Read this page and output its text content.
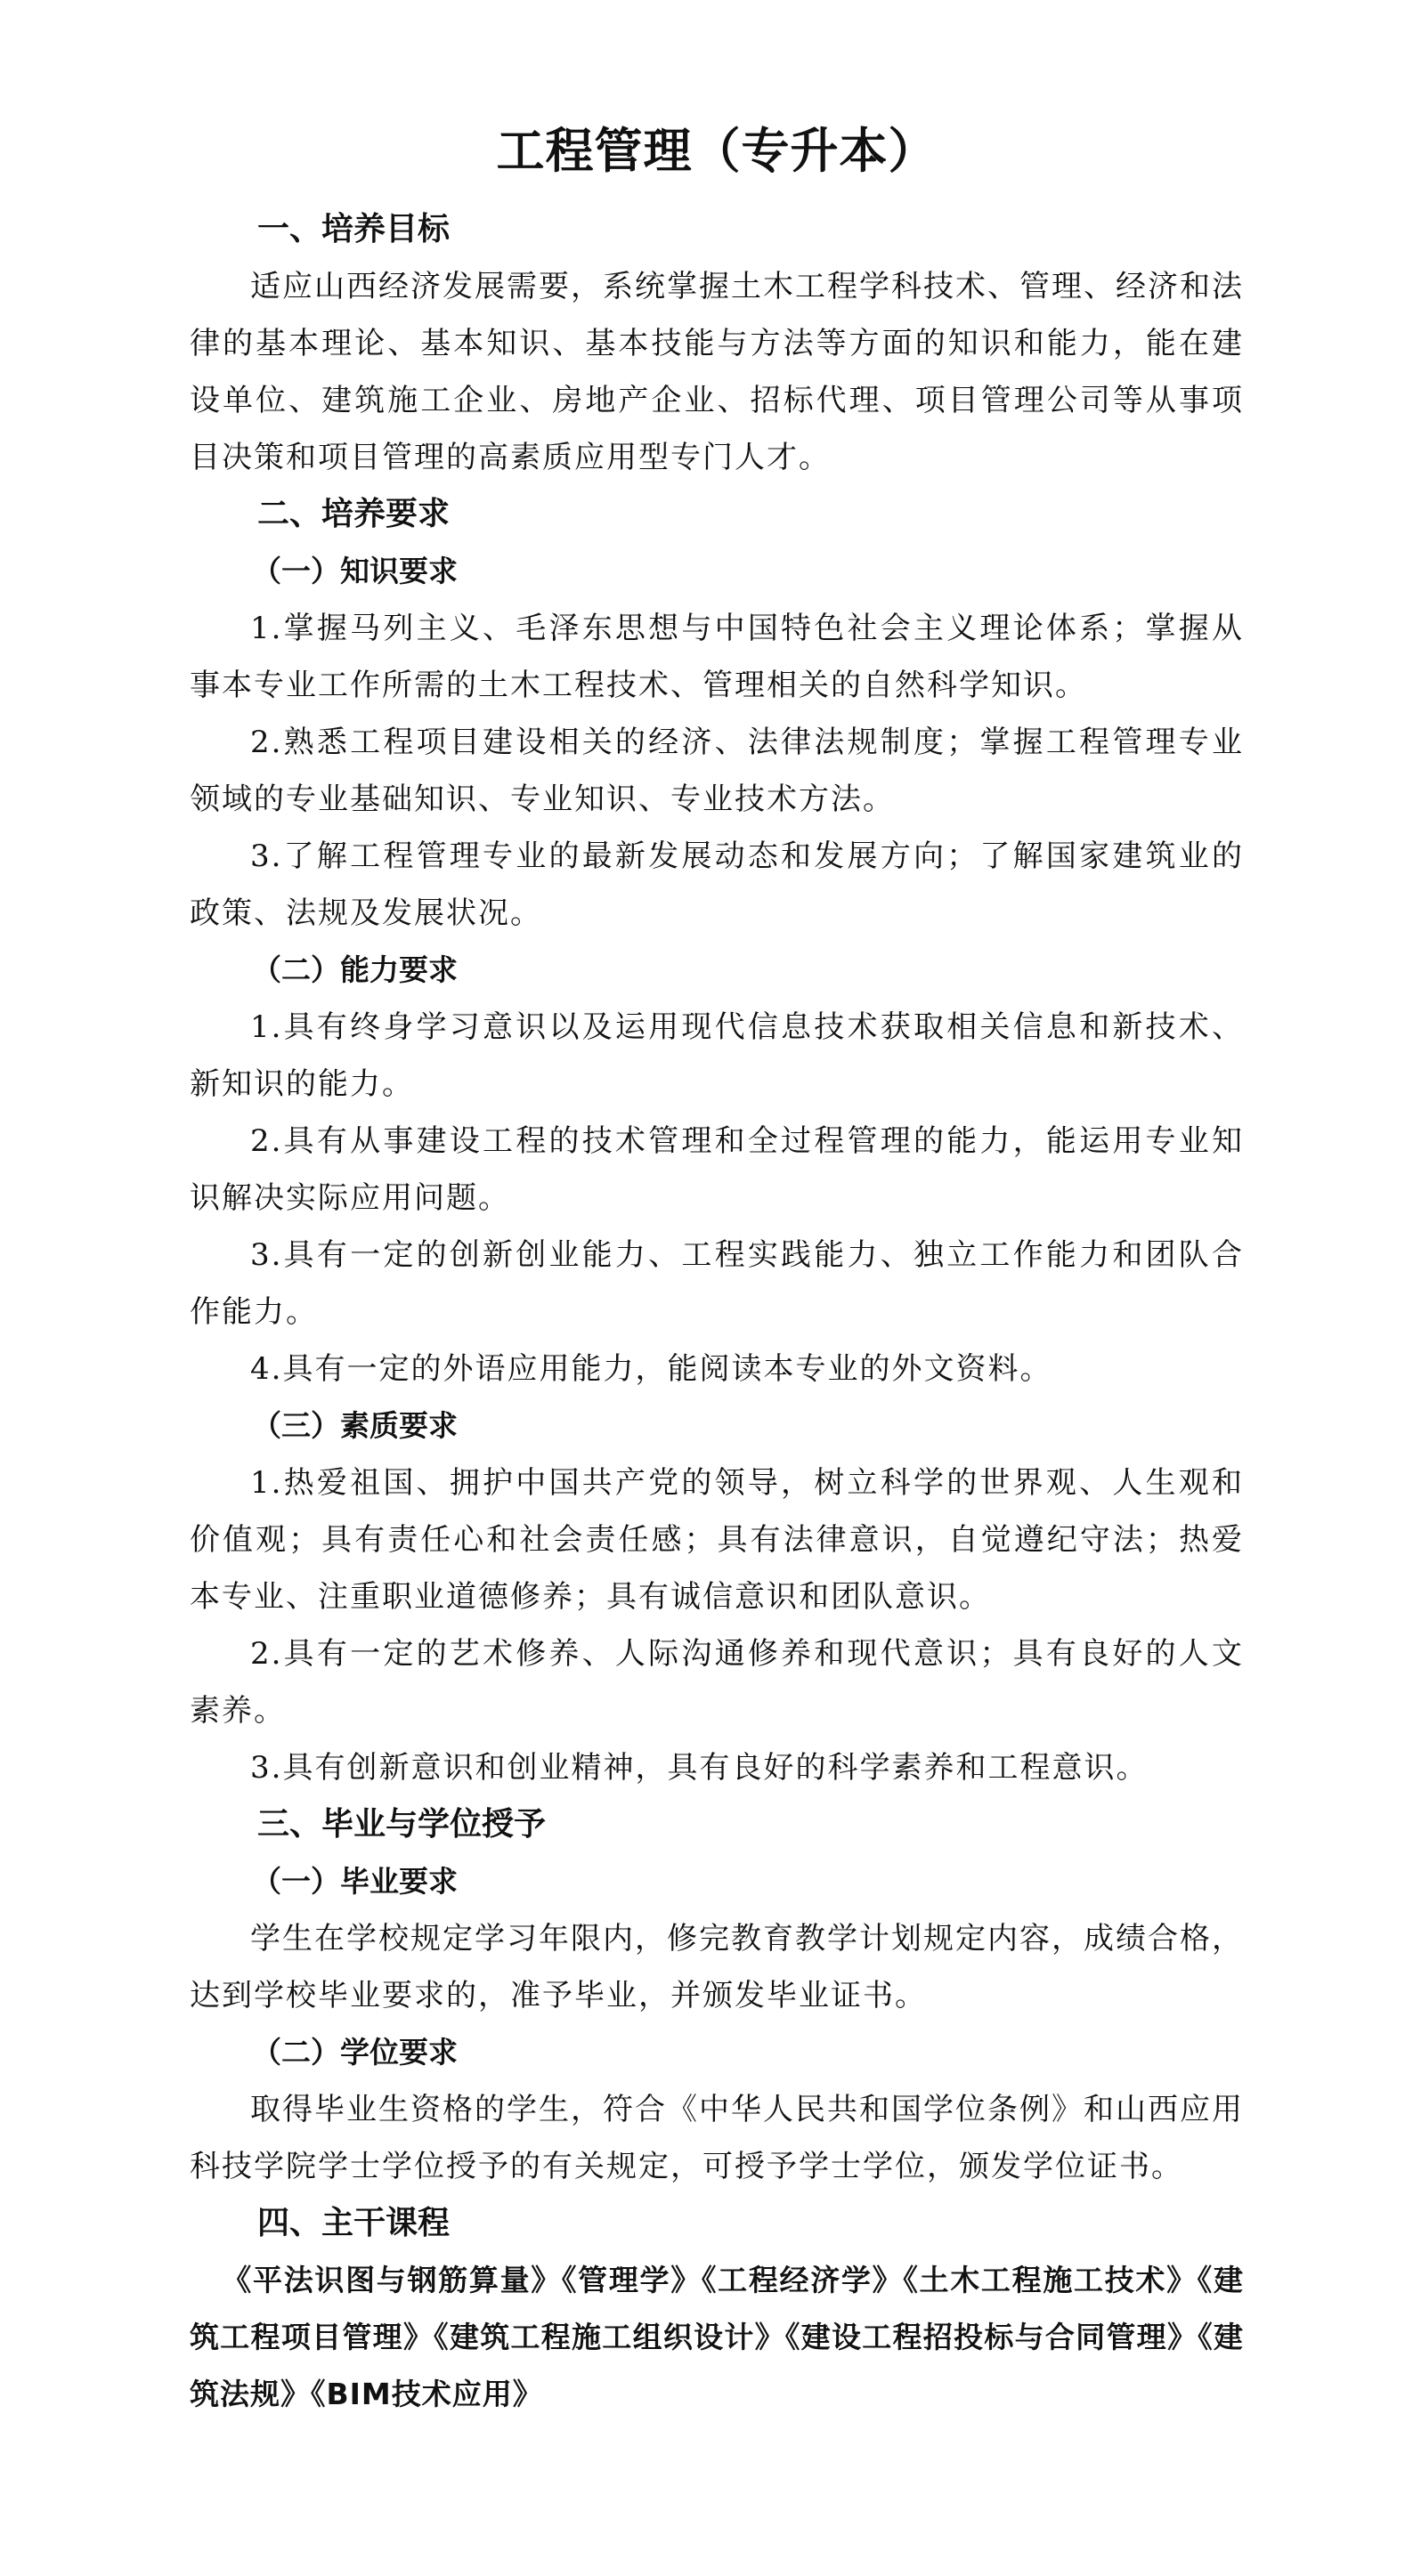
工程管理（专升本）
一、培养目标

适应山西经济发展需要，系统掌握土木工程学科技术、管理、经济和法律的基本理论、基本知识、基本技能与方法等方面的知识和能力，能在建设单位、建筑施工企业、房地产企业、招标代理、项目管理公司等从事项目决策和项目管理的高素质应用型专门人才。

二、培养要求
（一）知识要求

1.掌握马列主义、毛泽东思想与中国特色社会主义理论体系；掌握从事本专业工作所需的土木工程技术、管理相关的自然科学知识。

2.熟悉工程项目建设相关的经济、法律法规制度；掌握工程管理专业领域的专业基础知识、专业知识、专业技术方法。

3.了解工程管理专业的最新发展动态和发展方向；了解国家建筑业的政策、法规及发展状况。

（二）能力要求

1.具有终身学习意识以及运用现代信息技术获取相关信息和新技术、新知识的能力。

2.具有从事建设工程的技术管理和全过程管理的能力，能运用专业知识解决实际应用问题。

3.具有一定的创新创业能力、工程实践能力、独立工作能力和团队合作能力。

4.具有一定的外语应用能力，能阅读本专业的外文资料。

（三）素质要求

1.热爱祖国、拥护中国共产党的领导，树立科学的世界观、人生观和价值观；具有责任心和社会责任感；具有法律意识，自觉遵纪守法；热爱本专业、注重职业道德修养；具有诚信意识和团队意识。

2.具有一定的艺术修养、人际沟通修养和现代意识；具有良好的人文素养。

3.具有创新意识和创业精神，具有良好的科学素养和工程意识。

三、毕业与学位授予
（一）毕业要求

学生在学校规定学习年限内，修完教育教学计划规定内容，成绩合格，达到学校毕业要求的，准予毕业，并颁发毕业证书。

（二）学位要求

取得毕业生资格的学生，符合《中华人民共和国学位条例》和山西应用科技学院学士学位授予的有关规定，可授予学士学位，颁发学位证书。

四、主干课程

《平法识图与钢筋算量》《管理学》《工程经济学》《土木工程施工技术》《建筑工程项目管理》《建筑工程施工组织设计》《建设工程招投标与合同管理》《建筑法规》《BIM技术应用》
